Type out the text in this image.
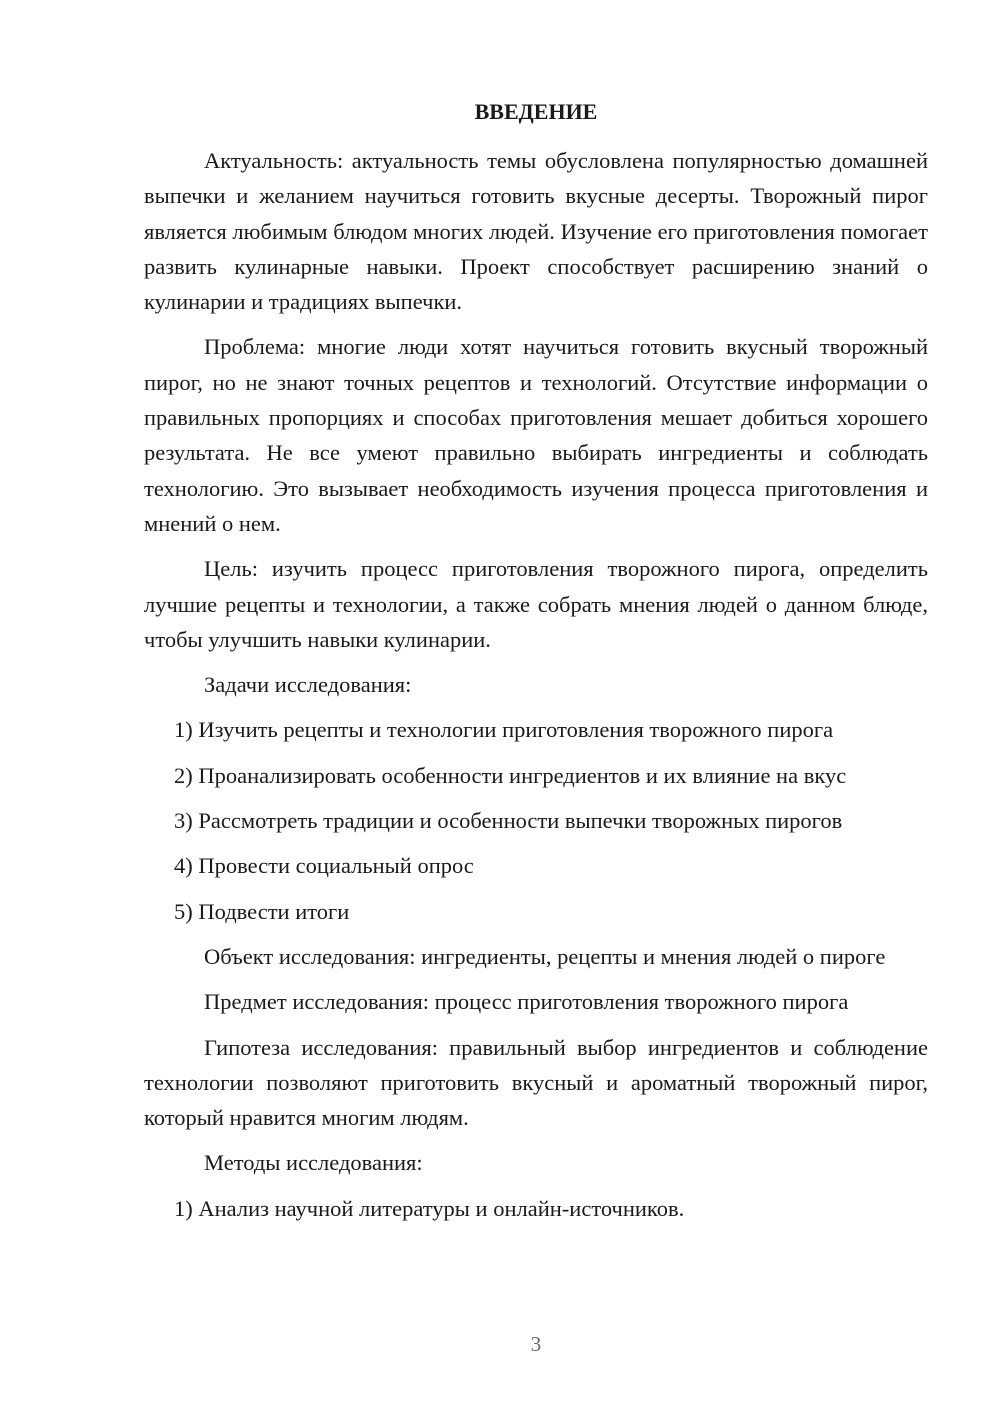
ВВЕДЕНИЕ

Актуальность: актуальность темы обусловлена популярностью домашней выпечки и желанием научиться готовить вкусные десерты. Творожный пирог является любимым блюдом многих людей. Изучение его приготовления помогает развить кулинарные навыки. Проект способствует расширению знаний о кулинарии и традициях выпечки.

Проблема: многие люди хотят научиться готовить вкусный творожный пирог, но не знают точных рецептов и технологий. Отсутствие информации о правильных пропорциях и способах приготовления мешает добиться хорошего результата. Не все умеют правильно выбирать ингредиенты и соблюдать технологию. Это вызывает необходимость изучения процесса приготовления и мнений о нем.

Цель: изучить процесс приготовления творожного пирога, определить лучшие рецепты и технологии, а также собрать мнения людей о данном блюде, чтобы улучшить навыки кулинарии.

Задачи исследования:

1) Изучить рецепты и технологии приготовления творожного пирога

2) Проанализировать особенности ингредиентов и их влияние на вкус

3) Рассмотреть традиции и особенности выпечки творожных пирогов

4) Провести социальный опрос

5) Подвести итоги

Объект исследования: ингредиенты, рецепты и мнения людей о пироге

Предмет исследования: процесс приготовления творожного пирога

Гипотеза исследования: правильный выбор ингредиентов и соблюдение технологии позволяют приготовить вкусный и ароматный творожный пирог, который нравится многим людям.

Методы исследования:

1) Анализ научной литературы и онлайн-источников.

3
